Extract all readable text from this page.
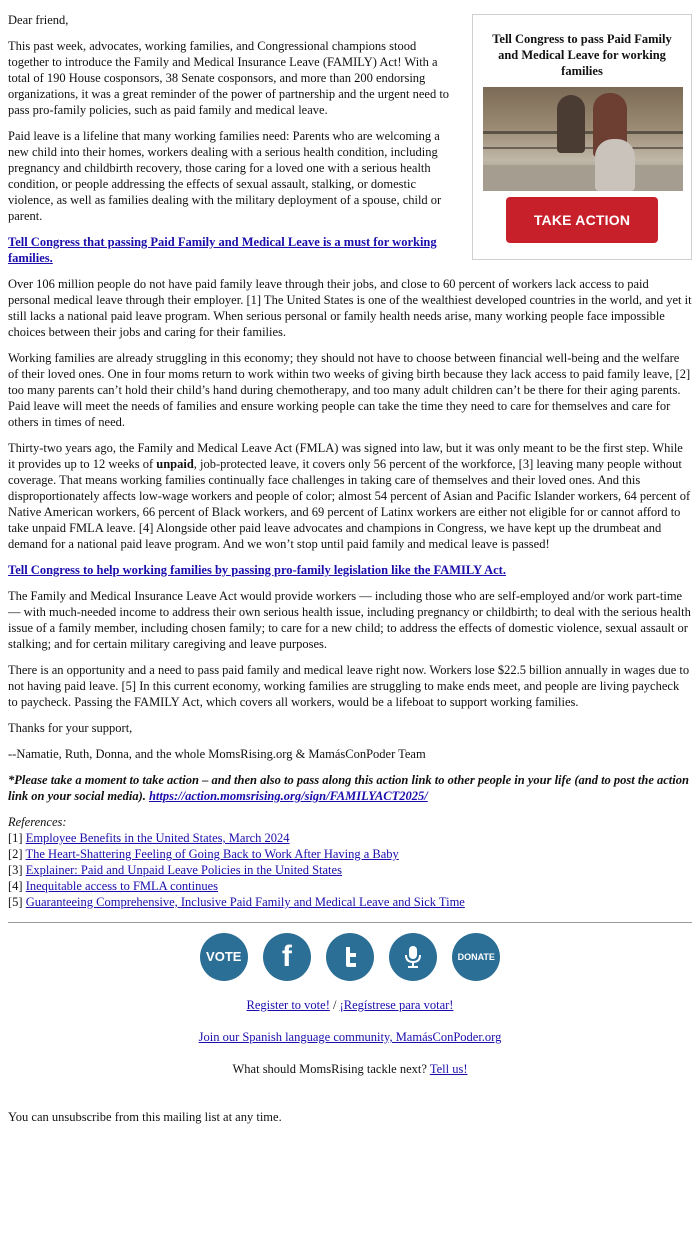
Tell Congress to pass Paid Family and Medical Leave for working families
TAKE ACTION

Dear friend,

This past week, advocates, working families, and Congressional champions stood together to introduce the Family and Medical Insurance Leave (FAMILY) Act! With a total of 190 House cosponsors, 38 Senate cosponsors, and more than 200 endorsing organizations, it was a great reminder of the power of partnership and the urgent need to pass pro-family policies, such as paid family and medical leave.

Paid leave is a lifeline that many working families need: Parents who are welcoming a new child into their homes, workers dealing with a serious health condition, including pregnancy and childbirth recovery, those caring for a loved one with a serious health condition, or people addressing the effects of sexual assault, stalking, or domestic violence, as well as families dealing with the military deployment of a spouse, child or parent.

Tell Congress that passing Paid Family and Medical Leave is a must for working families.

Over 106 million people do not have paid family leave through their jobs, and close to 60 percent of workers lack access to paid personal medical leave through their employer. [1] The United States is one of the wealthiest developed countries in the world, and yet it still lacks a national paid leave program. When serious personal or family health needs arise, many working people face impossible choices between their jobs and caring for their families.

Working families are already struggling in this economy; they should not have to choose between financial well-being and the welfare of their loved ones. One in four moms return to work within two weeks of giving birth because they lack access to paid family leave, [2] too many parents can’t hold their child’s hand during chemotherapy, and too many adult children can’t be there for their aging parents. Paid leave will meet the needs of families and ensure working people can take the time they need to care for themselves and care for others in times of need.

Thirty-two years ago, the Family and Medical Leave Act (FMLA) was signed into law, but it was only meant to be the first step. While it provides up to 12 weeks of unpaid, job-protected leave, it covers only 56 percent of the workforce, [3] leaving many people without coverage. That means working families continually face challenges in taking care of themselves and their loved ones. And this disproportionately affects low-wage workers and people of color; almost 54 percent of Asian and Pacific Islander workers, 64 percent of Native American workers, 66 percent of Black workers, and 69 percent of Latinx workers are either not eligible for or cannot afford to take unpaid FMLA leave. [4] Alongside other paid leave advocates and champions in Congress, we have kept up the drumbeat and demand for a national paid leave program. And we won’t stop until paid family and medical leave is passed!

Tell Congress to help working families by passing pro-family legislation like the FAMILY Act.

The Family and Medical Insurance Leave Act would provide workers — including those who are self-employed and/or work part-time — with much-needed income to address their own serious health issue, including pregnancy or childbirth; to deal with the serious health issue of a family member, including chosen family; to care for a new child; to address the effects of domestic violence, sexual assault or stalking; and for certain military caregiving and leave purposes.

There is an opportunity and a need to pass paid family and medical leave right now. Workers lose $22.5 billion annually in wages due to not having paid leave. [5] In this current economy, working families are struggling to make ends meet, and people are living paycheck to paycheck. Passing the FAMILY Act, which covers all workers, would be a lifeboat to support working families.

Thanks for your support,

--Namatie, Ruth, Donna, and the whole MomsRising.org & MamásConPoder Team

*Please take a moment to take action – and then also to pass along this action link to other people in your life (and to post the action link on your social media). https://action.momsrising.org/sign/FAMILYACT2025/

References:
[1] Employee Benefits in the United States, March 2024
[2] The Heart-Shattering Feeling of Going Back to Work After Having a Baby
[3] Explainer: Paid and Unpaid Leave Policies in the United States
[4] Inequitable access to FMLA continues
[5] Guaranteeing Comprehensive, Inclusive Paid Family and Medical Leave and Sick Time
VOTE f
	DONATE

Register to vote! / ¡Regístrese para votar!

Join our Spanish language community, MamásConPoder.org

What should MomsRising tackle next? Tell us!

You can unsubscribe from this mailing list at any time.
